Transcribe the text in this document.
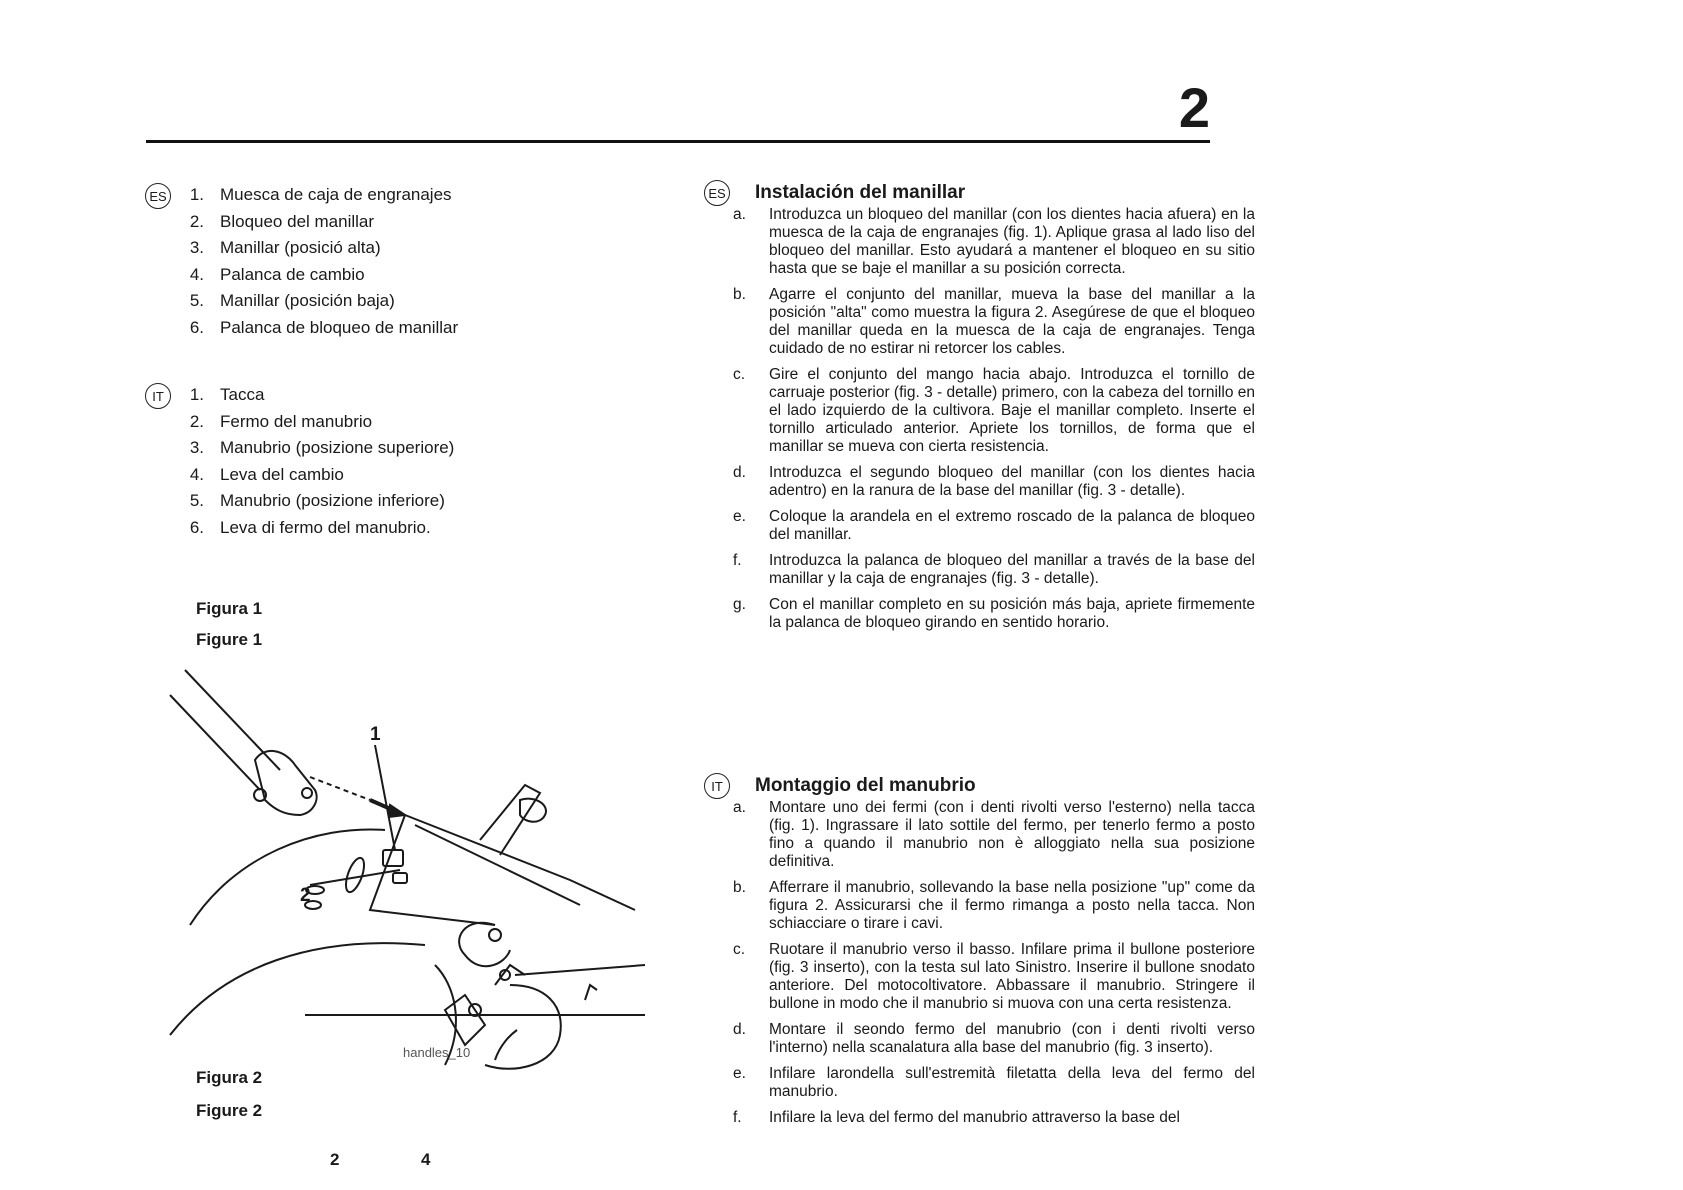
2
ES	1. Muesca de caja de engranajes
2. Bloqueo del manillar
3. Manillar (posició alta)
4. Palanca de cambio
5. Manillar (posición baja)
6. Palanca de bloqueo de manillar
IT	1. Tacca
2. Fermo del manubrio
3. Manubrio (posizione superiore)
4. Leva del cambio
5. Manubrio (posizione inferiore)
6. Leva di fermo del manubrio.
Figura 1
Figure 1
1
2
handles_10
Figura 2
Figure 2
2	4
ES Instalación del manillar
a.	Introduzca un bloqueo del manillar (con los dientes hacia afuera) en la muesca de la caja de engranajes (fig. 1). Aplique grasa al lado liso del bloqueo del manillar. Esto ayudará a mantener el bloqueo en su sitio hasta que se baje el manillar a su posición correcta.
b.	Agarre el conjunto del manillar, mueva la base del manillar a la posición "alta" como muestra la figura 2. Asegúrese de que el bloqueo del manillar queda en la muesca de la caja de engranajes. Tenga cuidado de no estirar ni retorcer los cables.
c.	Gire el conjunto del mango hacia abajo. Introduzca el tornillo de carruaje posterior (fig. 3 - detalle) primero, con la cabeza del tornillo en el lado izquierdo de la cultivora. Baje el manillar completo. Inserte el tornillo articulado anterior. Apriete los tornillos, de forma que el manillar se mueva con cierta resistencia.
d.	Introduzca el segundo bloqueo del manillar (con los dientes hacia adentro) en la ranura de la base del manillar (fig. 3 - detalle).
e.	Coloque la arandela en el extremo roscado de la palanca de bloqueo del manillar.
f.	Introduzca la palanca de bloqueo del manillar a través de la base del manillar y la caja de engranajes (fig. 3 - detalle).
g.	Con el manillar completo en su posición más baja, apriete firmemente la palanca de bloqueo girando en sentido horario.
IT	Montaggio del manubrio
a.	Montare uno dei fermi (con i denti rivolti verso l'esterno) nella tacca (fig. 1). Ingrassare il lato sottile del fermo, per tenerlo fermo a posto fino a quando il manubrio non è alloggiato nella sua posizione definitiva.
b.	Afferrare il manubrio, sollevando la base nella posizione "up" come da figura 2. Assicurarsi che il fermo rimanga a posto nella tacca. Non schiacciare o tirare i cavi.
c.	Ruotare il manubrio verso il basso. Infilare prima il bullone posteriore (fig. 3 inserto), con la testa sul lato Sinistro. Inserire il bullone snodato anteriore. Del motocoltivatore. Abbassare il manubrio. Stringere il bullone in modo che il manubrio si muova con una certa resistenza.
d.	Montare il seondo fermo del manubrio (con i denti rivolti verso l'interno) nella scanalatura alla base del manubrio (fig. 3 inserto).
e.	Infilare larondella sull'estremità filetatta della leva del fermo del manubrio.
f.	Infilare la leva del fermo del manubrio attraverso la base del
